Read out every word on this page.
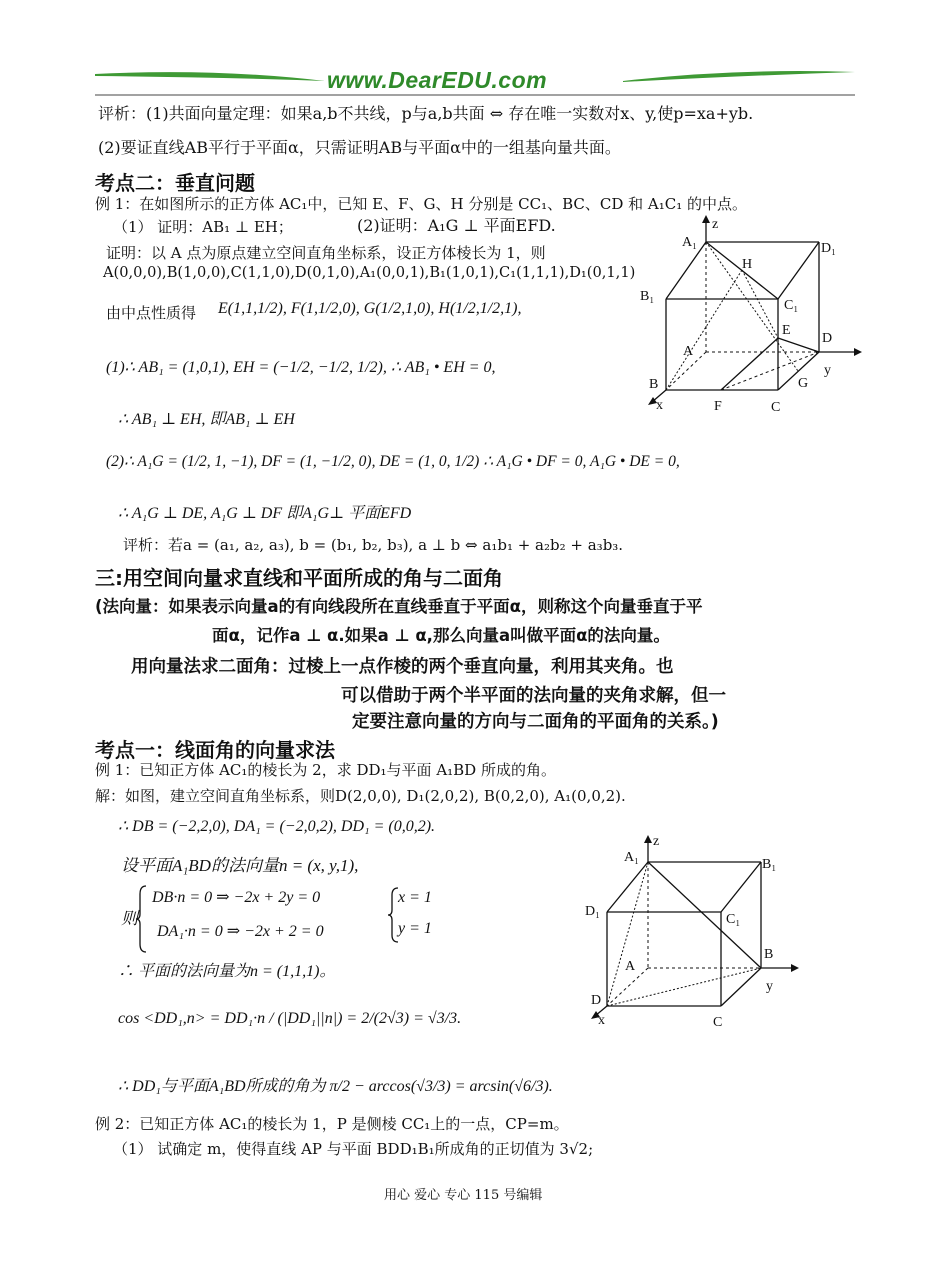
www.DearEDU.com
评析：(1)共面向量定理：如果a,b不共线，p与a,b共面 ⇔ 存在唯一实数对x、y,使p=xa+yb.
(2)要证直线AB平行于平面α，只需证明AB与平面α中的一组基向量共面。
考点二：垂直问题
例 1：在如图所示的正方体 AC₁中，已知 E、F、G、H 分别是 CC₁、BC、CD 和 A₁C₁ 的中点。
（1） 证明：AB₁ ⊥ EH；	(2)证明：A₁G ⊥ 平面EFD.
证明：以 A 点为原点建立空间直角坐标系，设正方体棱长为 1，则
A(0,0,0),B(1,0,0),C(1,1,0),D(0,1,0),A₁(0,0,1),B₁(1,0,1),C₁(1,1,1),D₁(0,1,1)
由中点性质得 E(1,1,1/2), F(1,1/2,0), G(1/2,1,0), H(1/2,1/2,1),
(1)∴ AB₁ = (1,0,1), EH = (−1/2, −1/2, 1/2), ∴ AB₁ • EH = 0,
∴ AB₁ ⊥ EH, 即AB₁ ⊥ EH
(2)∴ A₁G = (1/2, 1, −1), DF = (1, −1/2, 0), DE = (1, 0, 1/2) ∴ A₁G • DF = 0, A₁G • DE = 0,
∴ A₁G ⊥ DE, A₁G ⊥ DF 即A₁G⊥ 平面EFD
评析：若a = (a₁, a₂, a₃), b = (b₁, b₂, b₃), a ⊥ b ⇔ a₁b₁ + a₂b₂ + a₃b₃.
A₁
z
D₁
H
B₁
C₁
E
D
A
y
B	G
x	F	C
三:用空间向量求直线和平面所成的角与二面角
(法向量：如果表示向量a的有向线段所在直线垂直于平面α，则称这个向量垂直于平
面α，记作a ⊥ α.如果a ⊥ α,那么向量a叫做平面α的法向量。
用向量法求二面角：过棱上一点作棱的两个垂直向量，利用其夹角。也
可以借助于两个半平面的法向量的夹角求解，但一
定要注意向量的方向与二面角的平面角的关系。)
考点一：线面角的向量求法
例 1：已知正方体 AC₁的棱长为 2，求 DD₁与平面 A₁BD 所成的角。
解：如图，建立空间直角坐标系，则D(2,0,0), D₁(2,0,2), B(0,2,0), A₁(0,0,2).
∴ DB = (−2,2,0), DA₁ = (−2,0,2), DD₁ = (0,0,2).
设平面A₁BD的法向量n = (x, y,1),
则
DB·n = 0 ⇒ −2x + 2y = 0
DA₁·n = 0 ⇒ −2x + 2 = 0
x = 1
y = 1
∴ 平面的法向量为n = (1,1,1)。
cos <DD₁,n> = DD₁·n / (|DD₁||n|) = 2/(2√3) = √3/3.
∴ DD₁与平面A₁BD所成的角为 π/2 − arccos(√3/3) = arcsin(√6/3).
A₁
z
B₁
D₁
C₁
A
B
y
D
x	C
例 2：已知正方体 AC₁的棱长为 1，P 是侧棱 CC₁上的一点，CP=m。
（1） 试确定 m，使得直线 AP 与平面 BDD₁B₁所成角的正切值为 3√2;
用心 爱心 专心 115 号编辑
